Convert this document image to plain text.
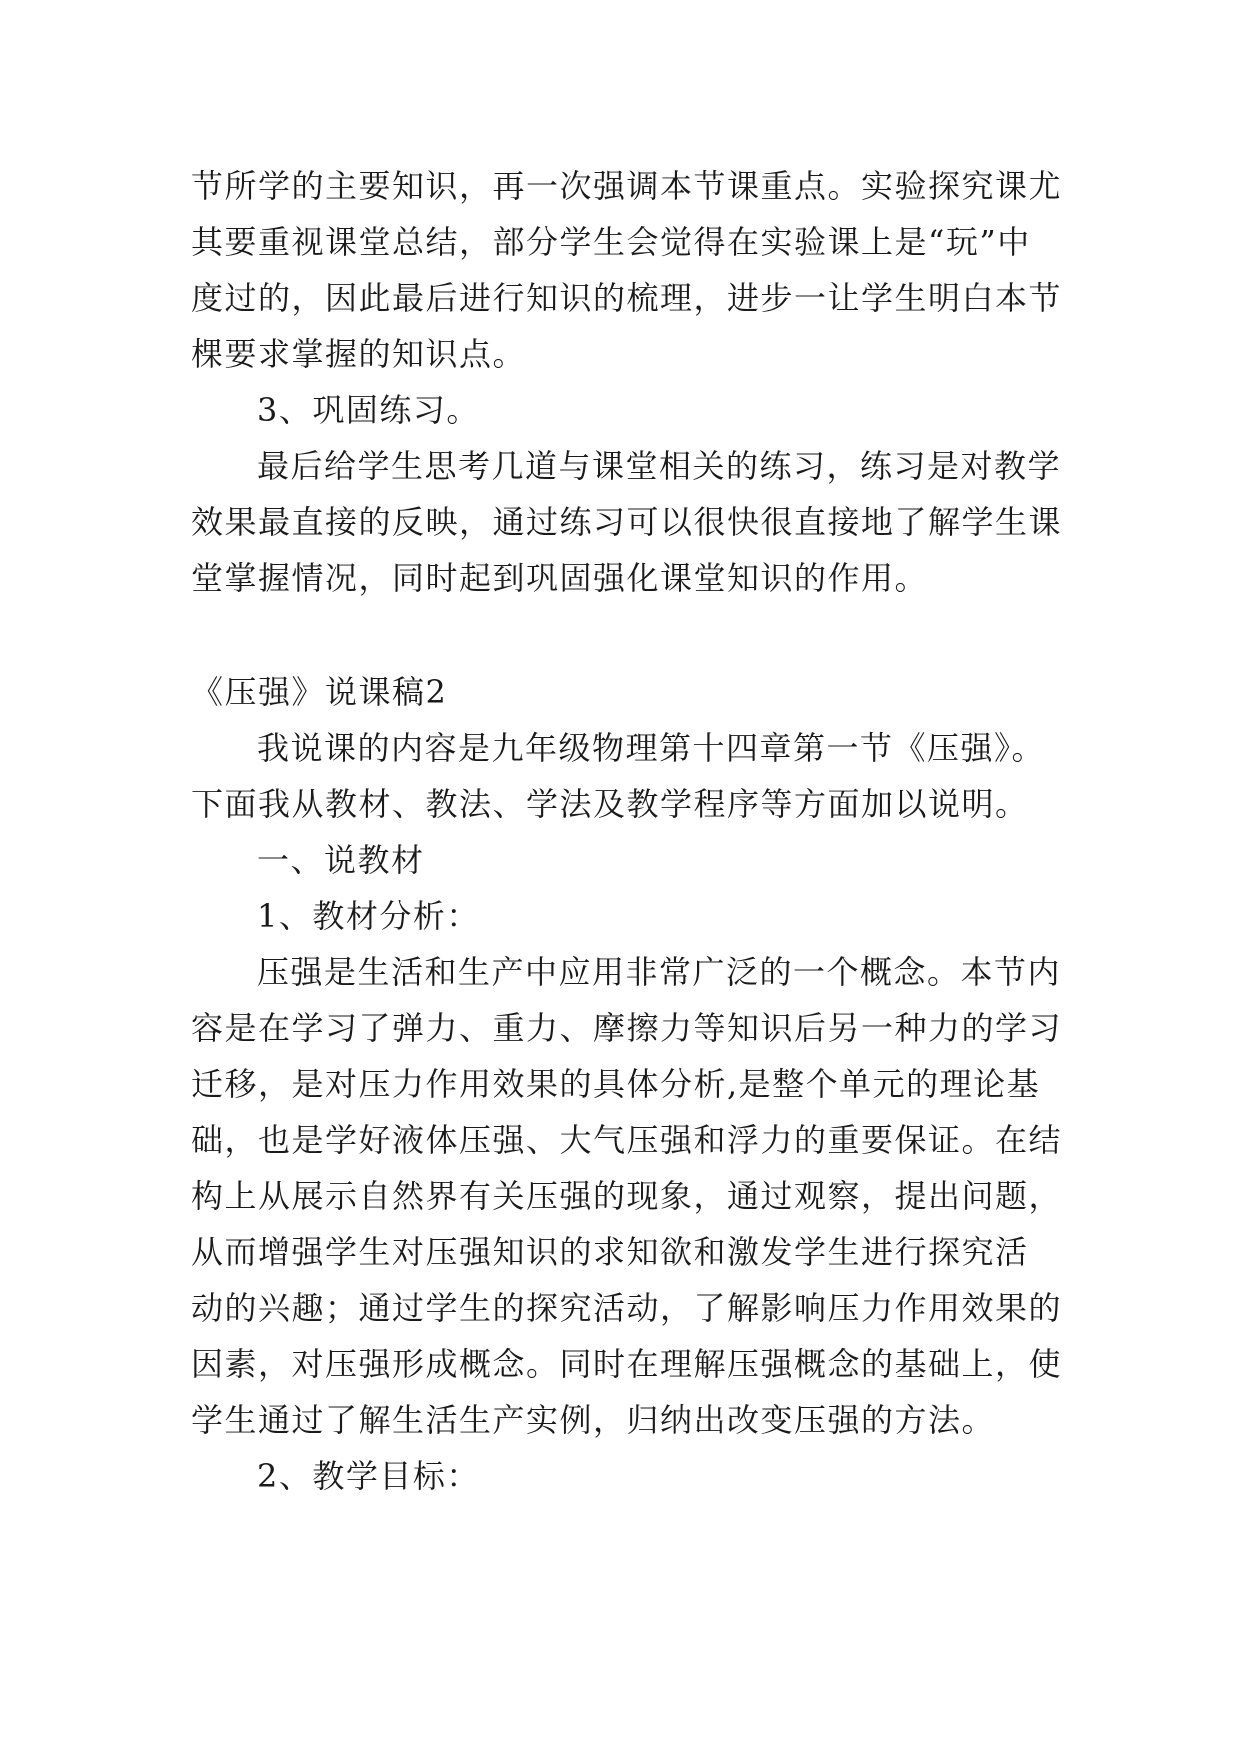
节所学的主要知识，再一次强调本节课重点。实验探究课尤
其要重视课堂总结，部分学生会觉得在实验课上是“玩”中
度过的，因此最后进行知识的梳理，进步一让学生明白本节
棵要求掌握的知识点。
3、巩固练习。
最后给学生思考几道与课堂相关的练习，练习是对教学
效果最直接的反映，通过练习可以很快很直接地了解学生课
堂掌握情况，同时起到巩固强化课堂知识的作用。
《压强》说课稿2
我说课的内容是九年级物理第十四章第一节《压强》。
下面我从教材、教法、学法及教学程序等方面加以说明。
一、说教材
1、教材分析：
压强是生活和生产中应用非常广泛的一个概念。本节内
容是在学习了弹力、重力、摩擦力等知识后另一种力的学习
迁移，是对压力作用效果的具体分析,是整个单元的理论基
础，也是学好液体压强、大气压强和浮力的重要保证。在结
构上从展示自然界有关压强的现象，通过观察，提出问题，
从而增强学生对压强知识的求知欲和激发学生进行探究活
动的兴趣；通过学生的探究活动，了解影响压力作用效果的
因素，对压强形成概念。同时在理解压强概念的基础上，使
学生通过了解生活生产实例，归纳出改变压强的方法。
2、教学目标：
